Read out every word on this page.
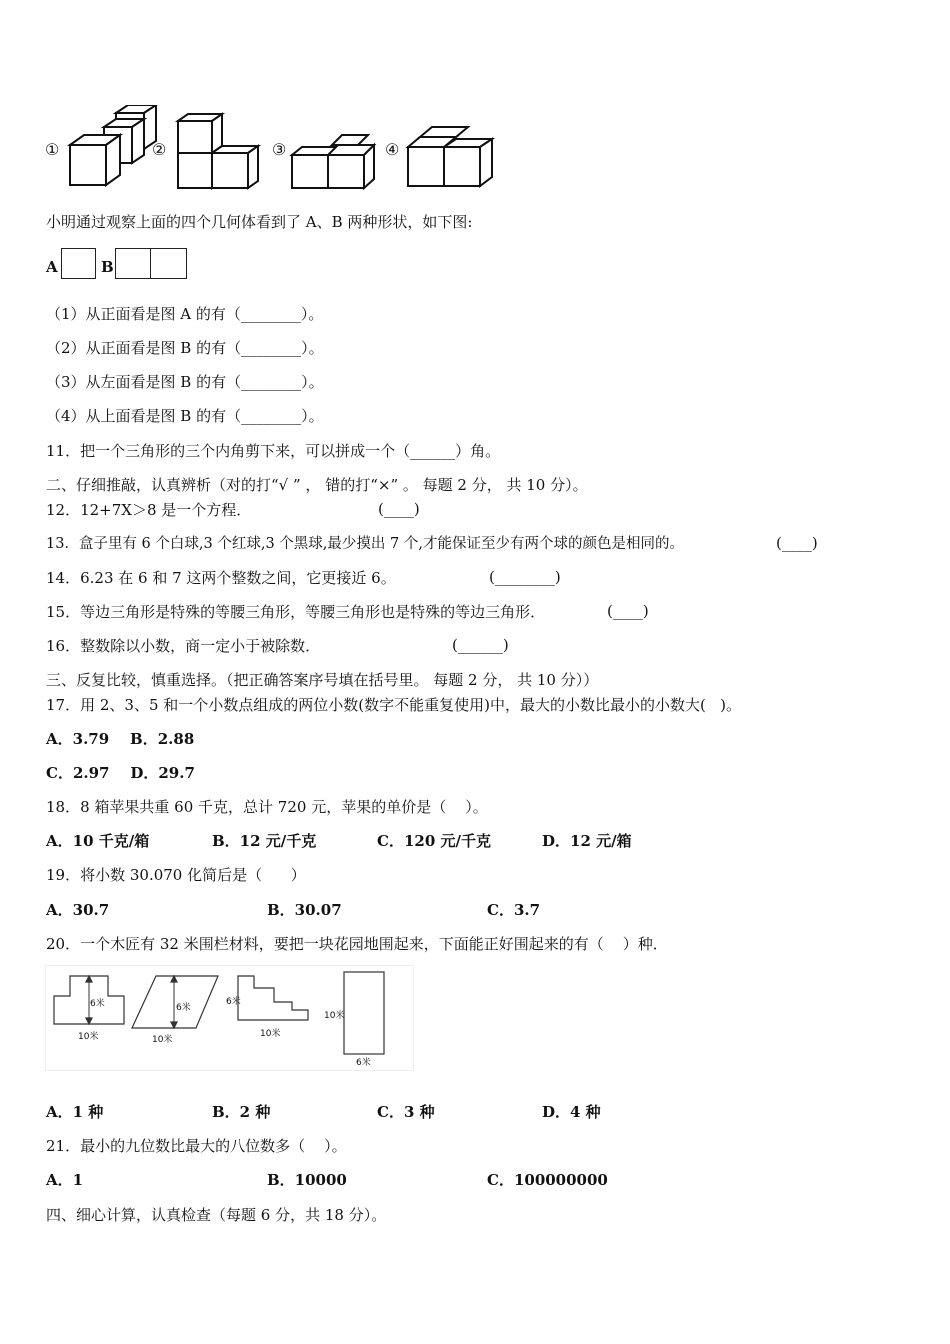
①	②	③	④
小明通过观察上面的四个几何体看到了 A、B 两种形状，如下图:
A	B
（1）从正面看是图 A 的有（________）。
（2）从正面看是图 B 的有（________）。
（3）从左面看是图 B 的有（________）。
（4）从上面看是图 B 的有（________）。
11．把一个三角形的三个内角剪下来，可以拼成一个（______）角。
二、仔细推敲，认真辨析（对的打“√ ” ， 错的打“×” 。 每题 2 分， 共 10 分）。
12．12+7X＞8 是一个方程．	(____)
13．盒子里有 6 个白球,3 个红球,3 个黑球,最少摸出 7 个,才能保证至少有两个球的颜色是相同的。	(____)
14．6.23 在 6 和 7 这两个整数之间，它更接近 6。	(________)
15．等边三角形是特殊的等腰三角形，等腰三角形也是特殊的等边三角形．	(____)
16．整数除以小数，商一定小于被除数．	(______)
三、反复比较，慎重选择。（把正确答案序号填在括号里。 每题 2 分， 共 10 分））
17．用 2、3、5 和一个小数点组成的两位小数(数字不能重复使用)中，最大的小数比最小的小数大(   )。
A．3.79    B．2.88
C．2.97    D．29.7
18．8 箱苹果共重 60 千克，总计 720 元，苹果的单价是（    ）。
A．10 千克/箱	B．12 元/千克	C．120 元/千克	D．12 元/箱
19．将小数 30.070 化简后是（      ）
A．30.7	B．30.07	C．3.7
20．一个木匠有 32 米围栏材料，要把一块花园地围起来，下面能正好围起来的有（    ）种．
6米
10米
6米
10米
6米
10米
10米
6米
A．1 种	B．2 种	C．3 种	D．4 种
21．最小的九位数比最大的八位数多（    ）。
A．1	B．10000	C．100000000
四、细心计算，认真检查（每题 6 分，共 18 分）。
